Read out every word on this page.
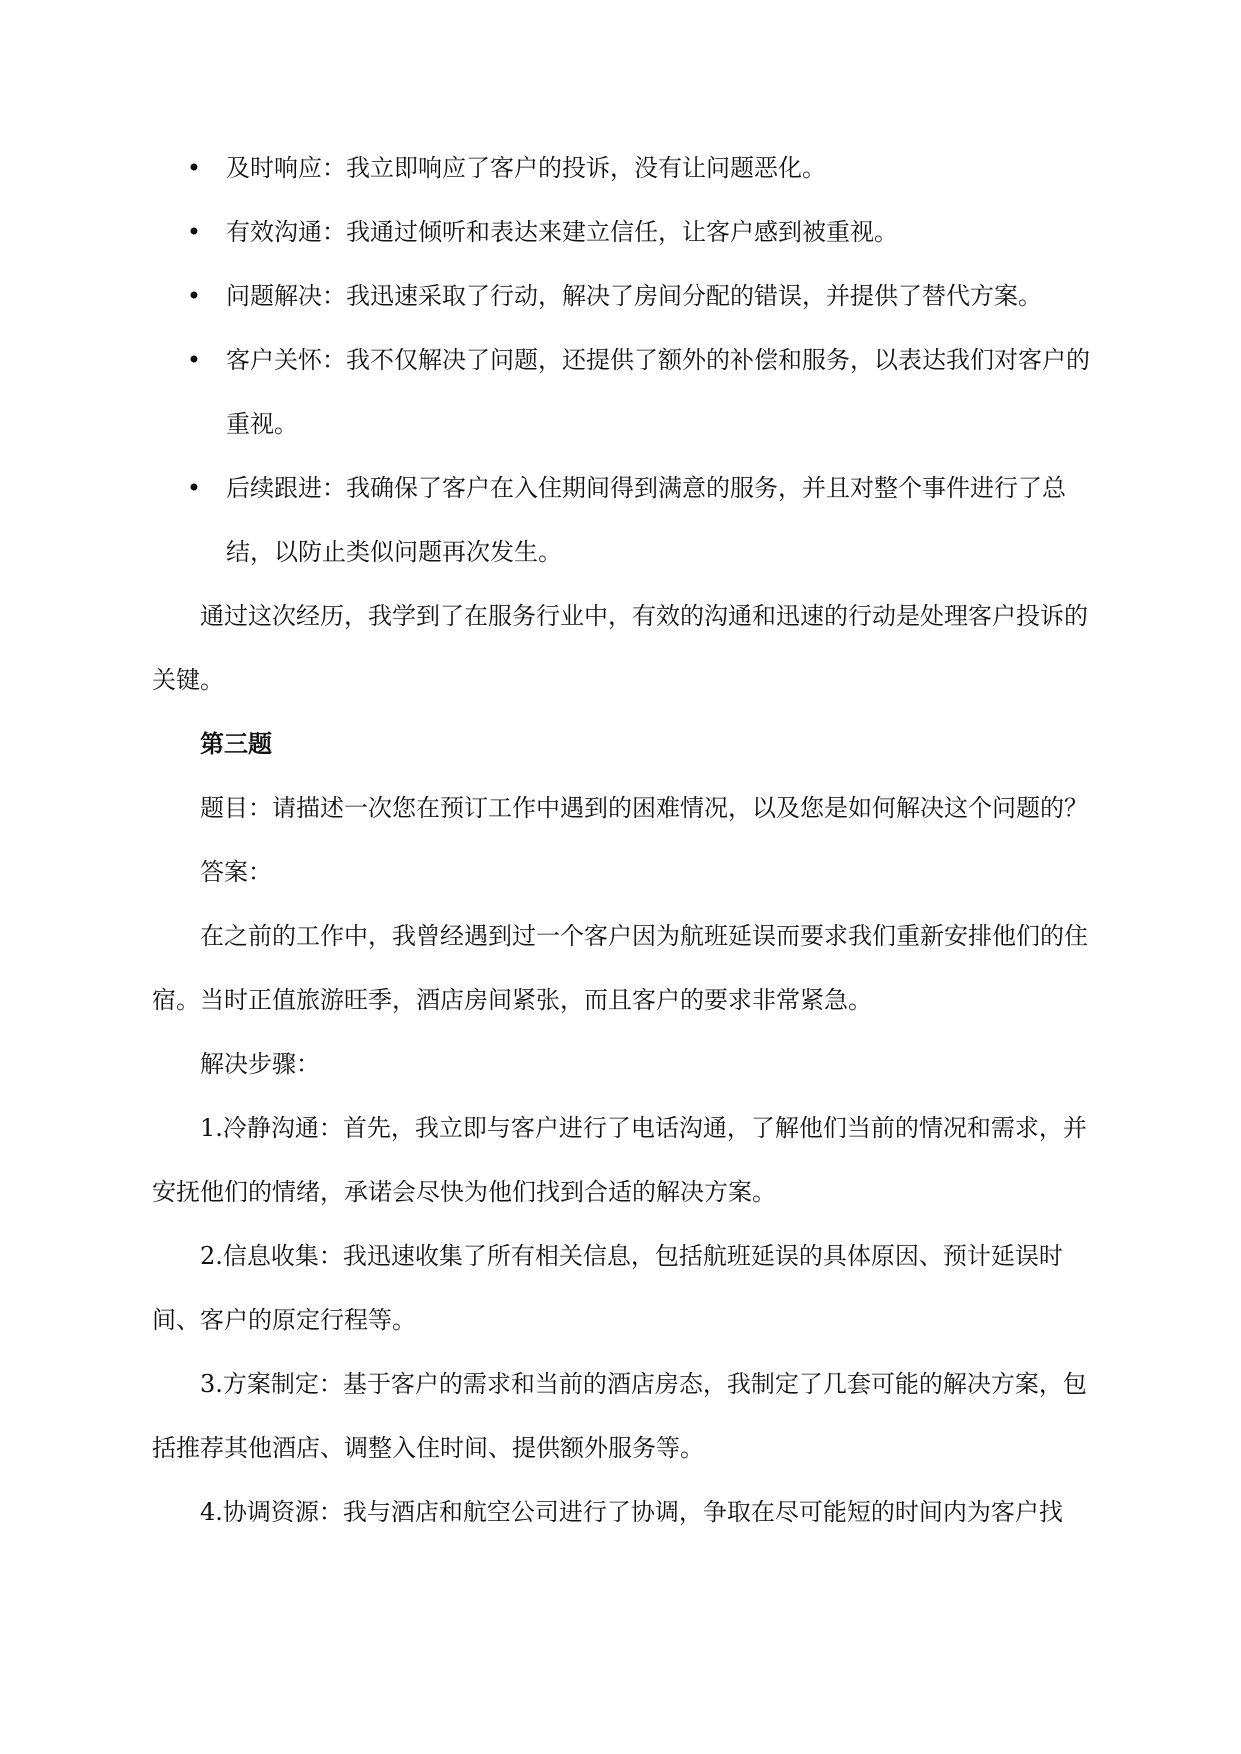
• 及时响应：我立即响应了客户的投诉，没有让问题恶化。
• 有效沟通：我通过倾听和表达来建立信任，让客户感到被重视。
• 问题解决：我迅速采取了行动，解决了房间分配的错误，并提供了替代方案。
• 客户关怀：我不仅解决了问题，还提供了额外的补偿和服务，以表达我们对客户的重视。
• 后续跟进：我确保了客户在入住期间得到满意的服务，并且对整个事件进行了总结，以防止类似问题再次发生。

通过这次经历，我学到了在服务行业中，有效的沟通和迅速的行动是处理客户投诉的关键。

第三题

题目：请描述一次您在预订工作中遇到的困难情况，以及您是如何解决这个问题的？

答案：

在之前的工作中，我曾经遇到过一个客户因为航班延误而要求我们重新安排他们的住宿。当时正值旅游旺季，酒店房间紧张，而且客户的要求非常紧急。

解决步骤：

1.冷静沟通：首先，我立即与客户进行了电话沟通，了解他们当前的情况和需求，并安抚他们的情绪，承诺会尽快为他们找到合适的解决方案。

2.信息收集：我迅速收集了所有相关信息，包括航班延误的具体原因、预计延误时间、客户的原定行程等。

3.方案制定：基于客户的需求和当前的酒店房态，我制定了几套可能的解决方案，包括推荐其他酒店、调整入住时间、提供额外服务等。

4.协调资源：我与酒店和航空公司进行了协调，争取在尽可能短的时间内为客户找
